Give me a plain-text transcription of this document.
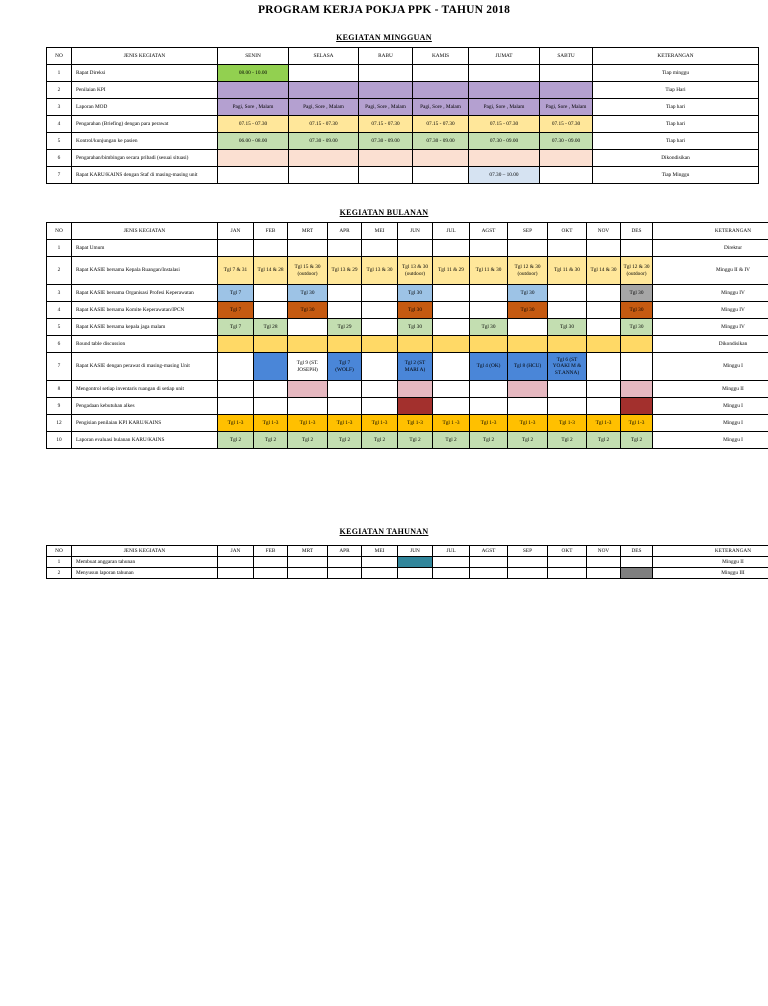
PROGRAM KERJA POKJA PPK - TAHUN 2018
KEGIATAN MINGGUAN
NO	JENIS KEGIATAN	SENIN	SELASA	RABU	KAMIS	JUMAT	SABTU	KETERANGAN
1	Rapat Direksi	08.00 - 10.00						Tiap minggu
2	Penilaian KPI							Tiap Hari
3	Laporan MOD	Pagi, Sore , Malam	Pagi, Sore , Malam	Pagi, Sore , Malam	Pagi, Sore , Malam	Pagi, Sore , Malam	Pagi, Sore , Malam	Tiap hari
4	Pengarahan (Briefing) dengan para perawat	07.15 - 07.30	07.15 - 07.30	07.15 - 07.30	07.15 - 07.30	07.15 - 07.30	07.15 - 07.30	Tiap hari
5	Kontrol/kunjungan ke pasien	06.00 - 08.00	07.30 - 09.00	07.30 - 09.00	07.30 - 09.00	07.30 - 09.00	07.30 - 09.00	Tiap hari
6	Pengarahan/bimbingan secara pribadi (sesuai situasi)							Dikondisikan
7	Rapat KARU/KAINS dengan Staf di masing-masing unit					07.30 – 10.00		Tiap Minggu
KEGIATAN BULANAN
NO	JENIS KEGIATAN	JAN	FEB	MRT	APR	MEI	JUN	JUL	AGST	SEP	OKT	NOV	DES	KETERANGAN
1	Rapat Umum													Direktur
2	Rapat KASIE bersama Kepala Ruangan/Instalasi	Tgl 7 & 31	Tgl 14 & 28	Tgl 15 & 30 (outdoor)	Tgl 13 & 29	Tgl 13 & 30	Tgl 13 & 30 (outdoor)	Tgl 11 & 29	Tgl 11 & 30	Tgl 12 & 30 (outdoor)	Tgl 11 & 30	Tgl 14 & 30	Tgl 12 & 30 (outdoor)	Minggu II & IV
3	Rapat KASIE bersama Organisasi Profesi Keperawatan	Tgl 7		Tgl 30			Tgl 30			Tgl 30			Tgl 30	Minggu IV
4	Rapat KASIE bersama Komite Keperawatan/IPCN	Tgl 7		Tgl 30			Tgl 30			Tgl 30			Tgl 30	Minggu IV
5	Rapat KASIE bersama kepala jaga malam	Tgl 7	Tgl 28		Tgl 29		Tgl 30		Tgl 30		Tgl 30		Tgl 30	Minggu IV
6	Round table discussion													Dikondisikan
7	Rapat KASIE dengan perawat di masing-masing Unit			Tgl 9 (ST. JOSEPH)	Tgl 7 (WOLF)		Tgl 2 (ST MARI A)		Tgl 4 (OK)	Tgl 8 (HCU)	Tgl 6 (ST YOAKI M & ST.ANNA)			Minggu I
8	Mengontrol setiap inventaris ruangan di setiap unit													Minggu II
9	Pengadaan kebutuhan alkes													Minggu I
12	Pengisian penilaian KPI KARU/KAINS	Tgl 1-3	Tgl 1-3	Tgl 1-3	Tgl 1-3	Tgl 1-3	Tgl 1-3	Tgl 1 -3	Tgl 1-3	Tgl 1-3	Tgl 1-3	Tgl 1-3	Tgl 1-3	Minggu I
10	Laporan evaluasi bulanan KARU/KAINS	Tgl 2	Tgl 2	Tgl 2	Tgl 2	Tgl 2	Tgl 2	Tgl 2	Tgl 2	Tgl 2	Tgl 2	Tgl 2	Tgl 2	Minggu I
KEGIATAN TAHUNAN
NO	JENIS KEGIATAN	JAN	FEB	MRT	APR	MEI	JUN	JUL	AGST	SEP	OKT	NOV	DES	KETERANGAN
1	Membuat anggaran tahunan													Minggu II
2	Menyusun laporan tahunan													Minggu III
